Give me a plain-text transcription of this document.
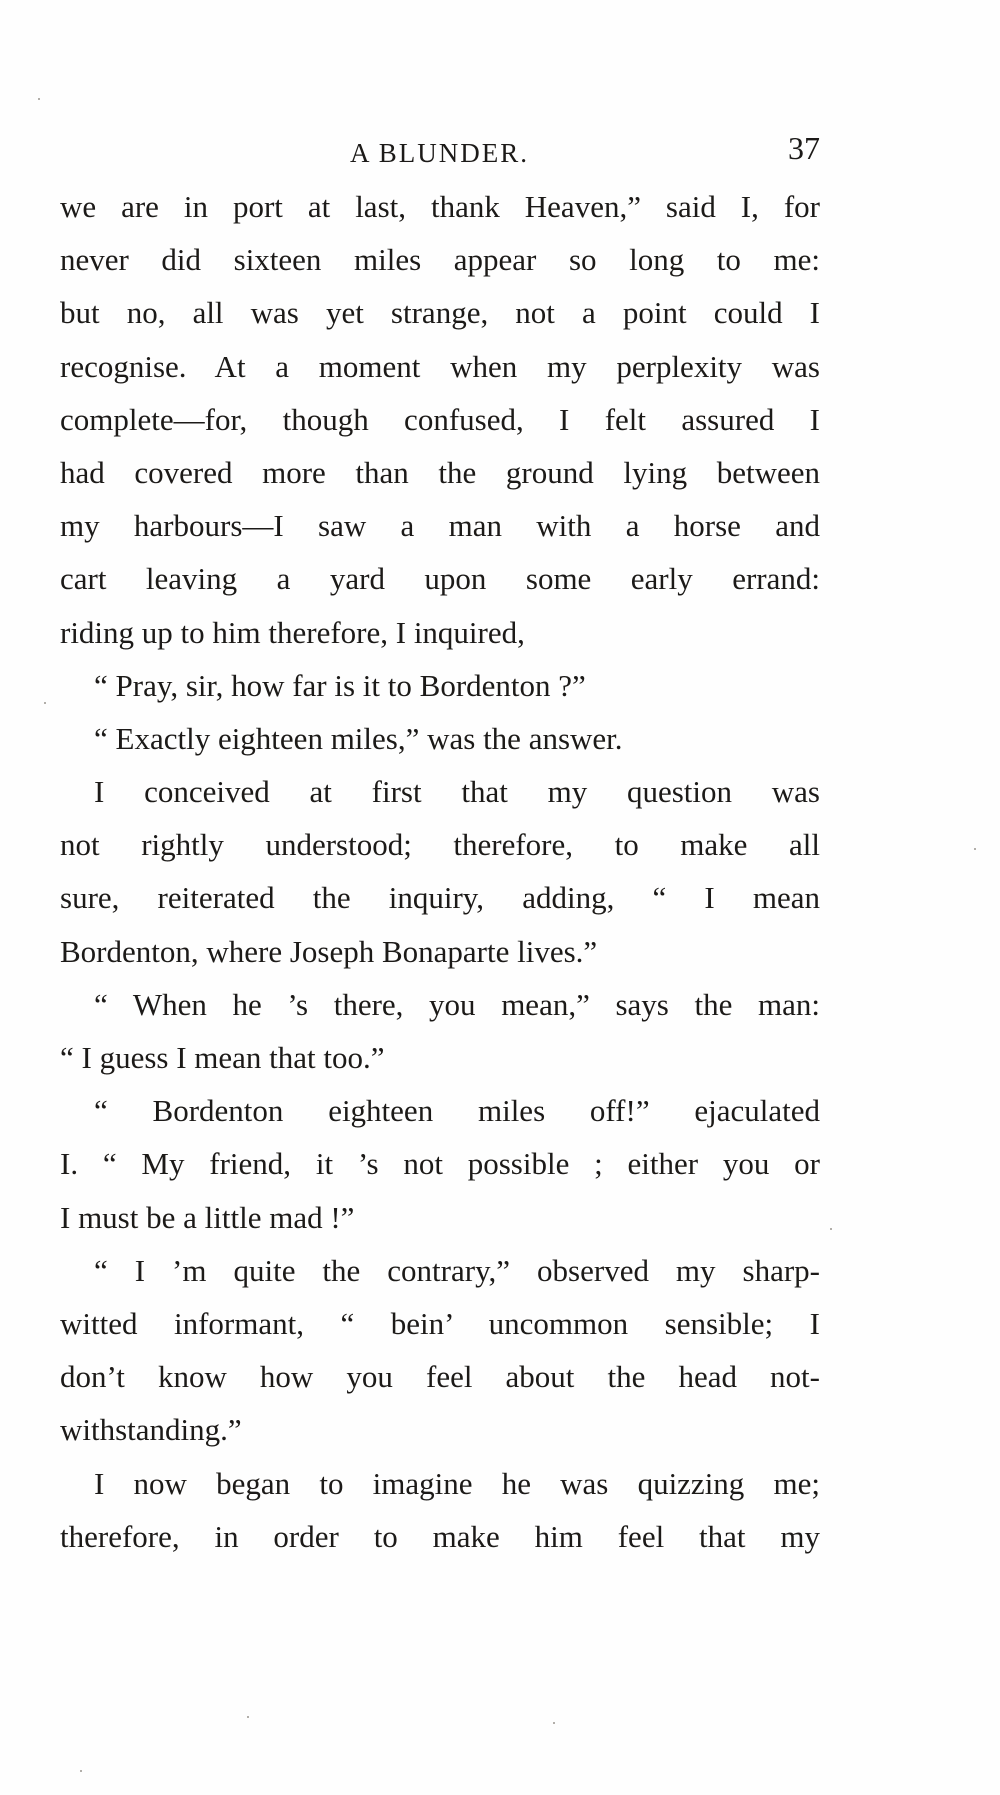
A BLUNDER.	37
we are in port at last, thank Heaven,” said I, for
never did sixteen miles appear so long to me:
but no, all was yet strange, not a point could I
recognise. At a moment when my perplexity was
complete—for, though confused, I felt assured I
had covered more than the ground lying between
my harbours—I saw a man with a horse and
cart leaving a yard upon some early errand:
riding up to him therefore, I inquired,
“ Pray, sir, how far is it to Bordenton ?”
“ Exactly eighteen miles,” was the answer.
I conceived at first that my question was
not rightly understood; therefore, to make all
sure, reiterated the inquiry, adding, “ I mean
Bordenton, where Joseph Bonaparte lives.”
“ When he ’s there, you mean,” says the man:
“ I guess I mean that too.”
“ Bordenton eighteen miles off!” ejaculated
I. “ My friend, it ’s not possible ; either you or
I must be a little mad !”
“ I ’m quite the contrary,” observed my sharp-
witted informant, “ bein’ uncommon sensible; I
don’t know how you feel about the head not-
withstanding.”
I now began to imagine he was quizzing me;
therefore, in order to make him feel that my
